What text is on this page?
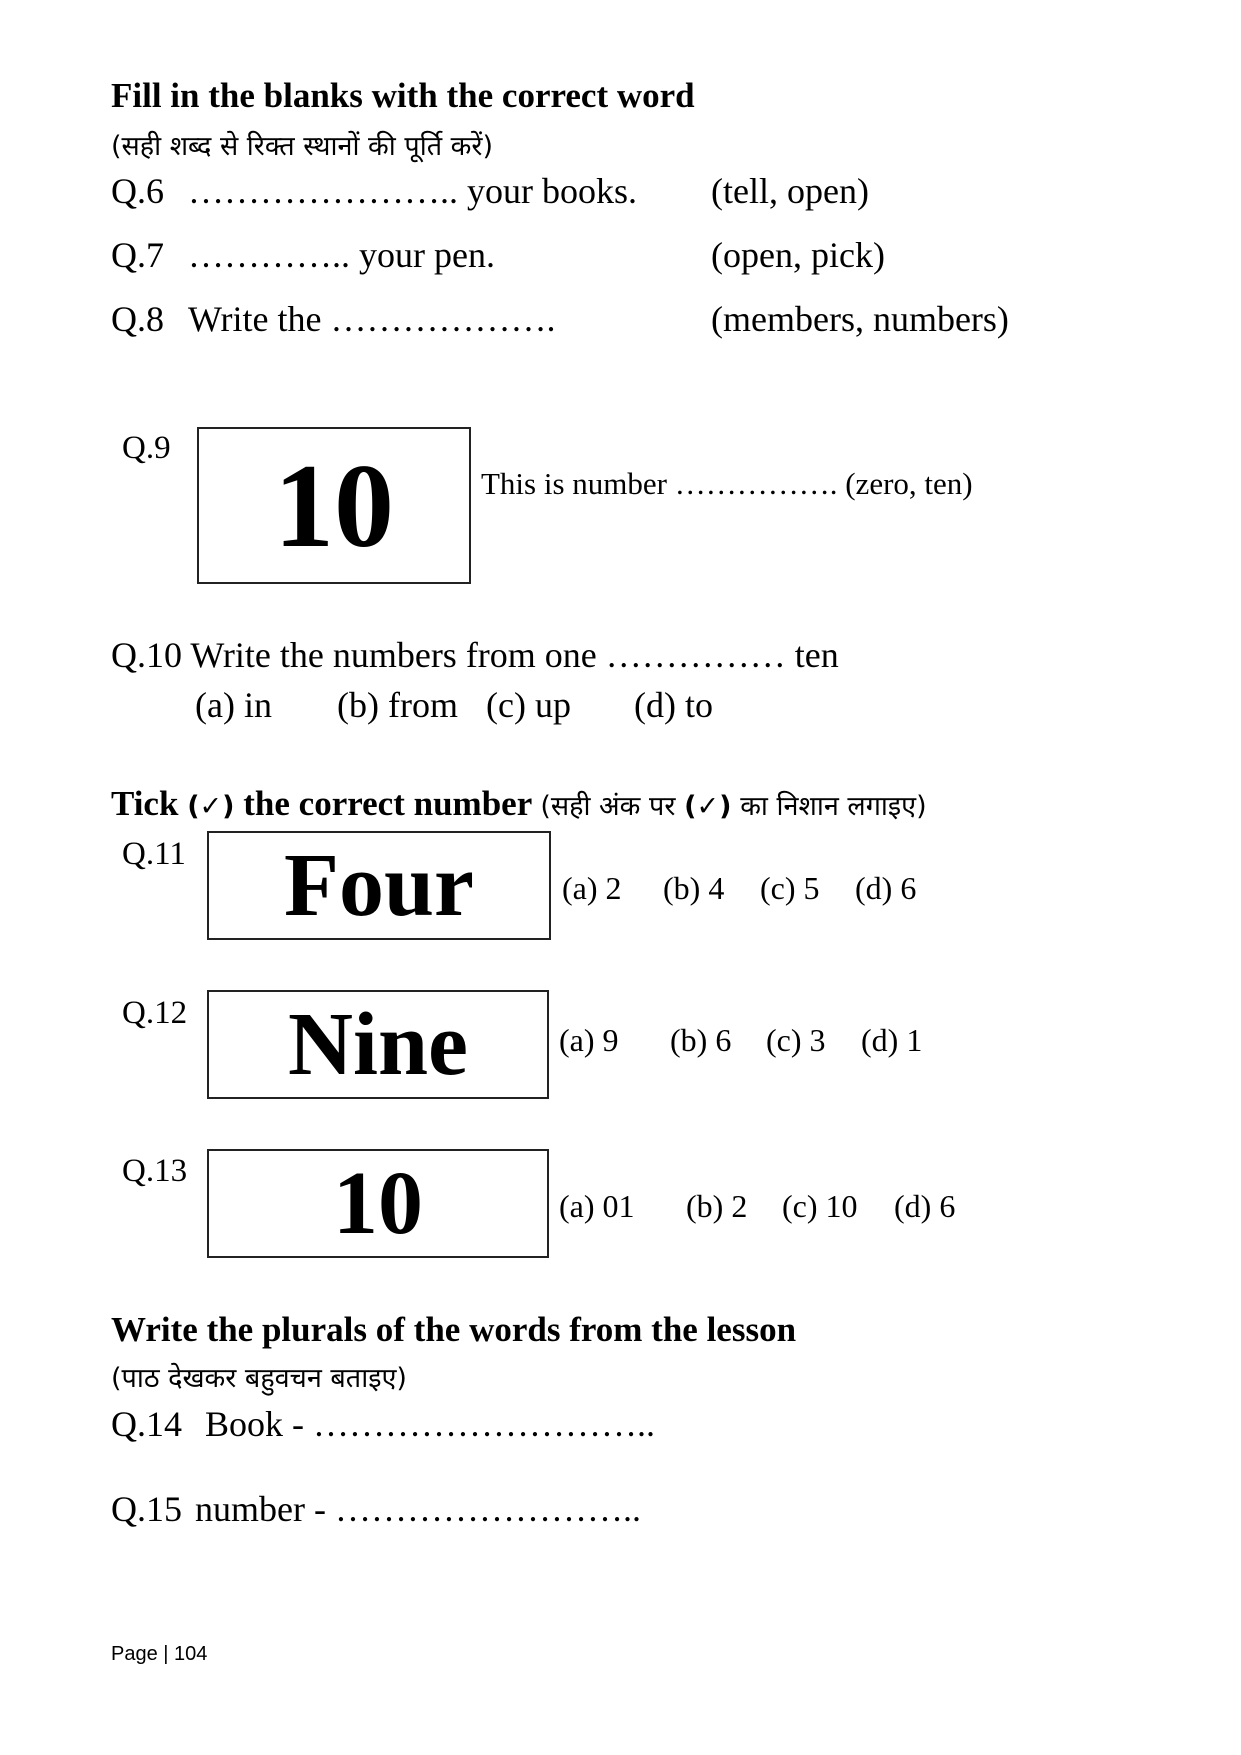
Fill in the blanks with the correct word
(सही शब्द से रिक्त स्थानों की पूर्ति करें)
Q.6 ………………….. your books. (tell, open)
Q.7 ………….. your pen.	(open, pick)
Q.8 Write the ……………….	(members, numbers)
Q.9 10	This is number ……………. (zero, ten)
Q.10 Write the numbers from one …………… ten
(a) in (b) from (c) up (d) to
Tick (✓) the correct number (सही अंक पर (✓) का निशान लगाइए)
Q.11	Four	(a) 2 (b) 4 (c) 5 (d) 6
Q.12	Nine	(a) 9 (b) 6 (c) 3 (d) 1
Q.13	10	(a) 01 (b) 2 (c) 10 (d) 6
Write the plurals of the words from the lesson
(पाठ देखकर बहुवचन बताइए)
Q.14 Book - ………………………..
Q.15 number - ……………………..
Page | 104
